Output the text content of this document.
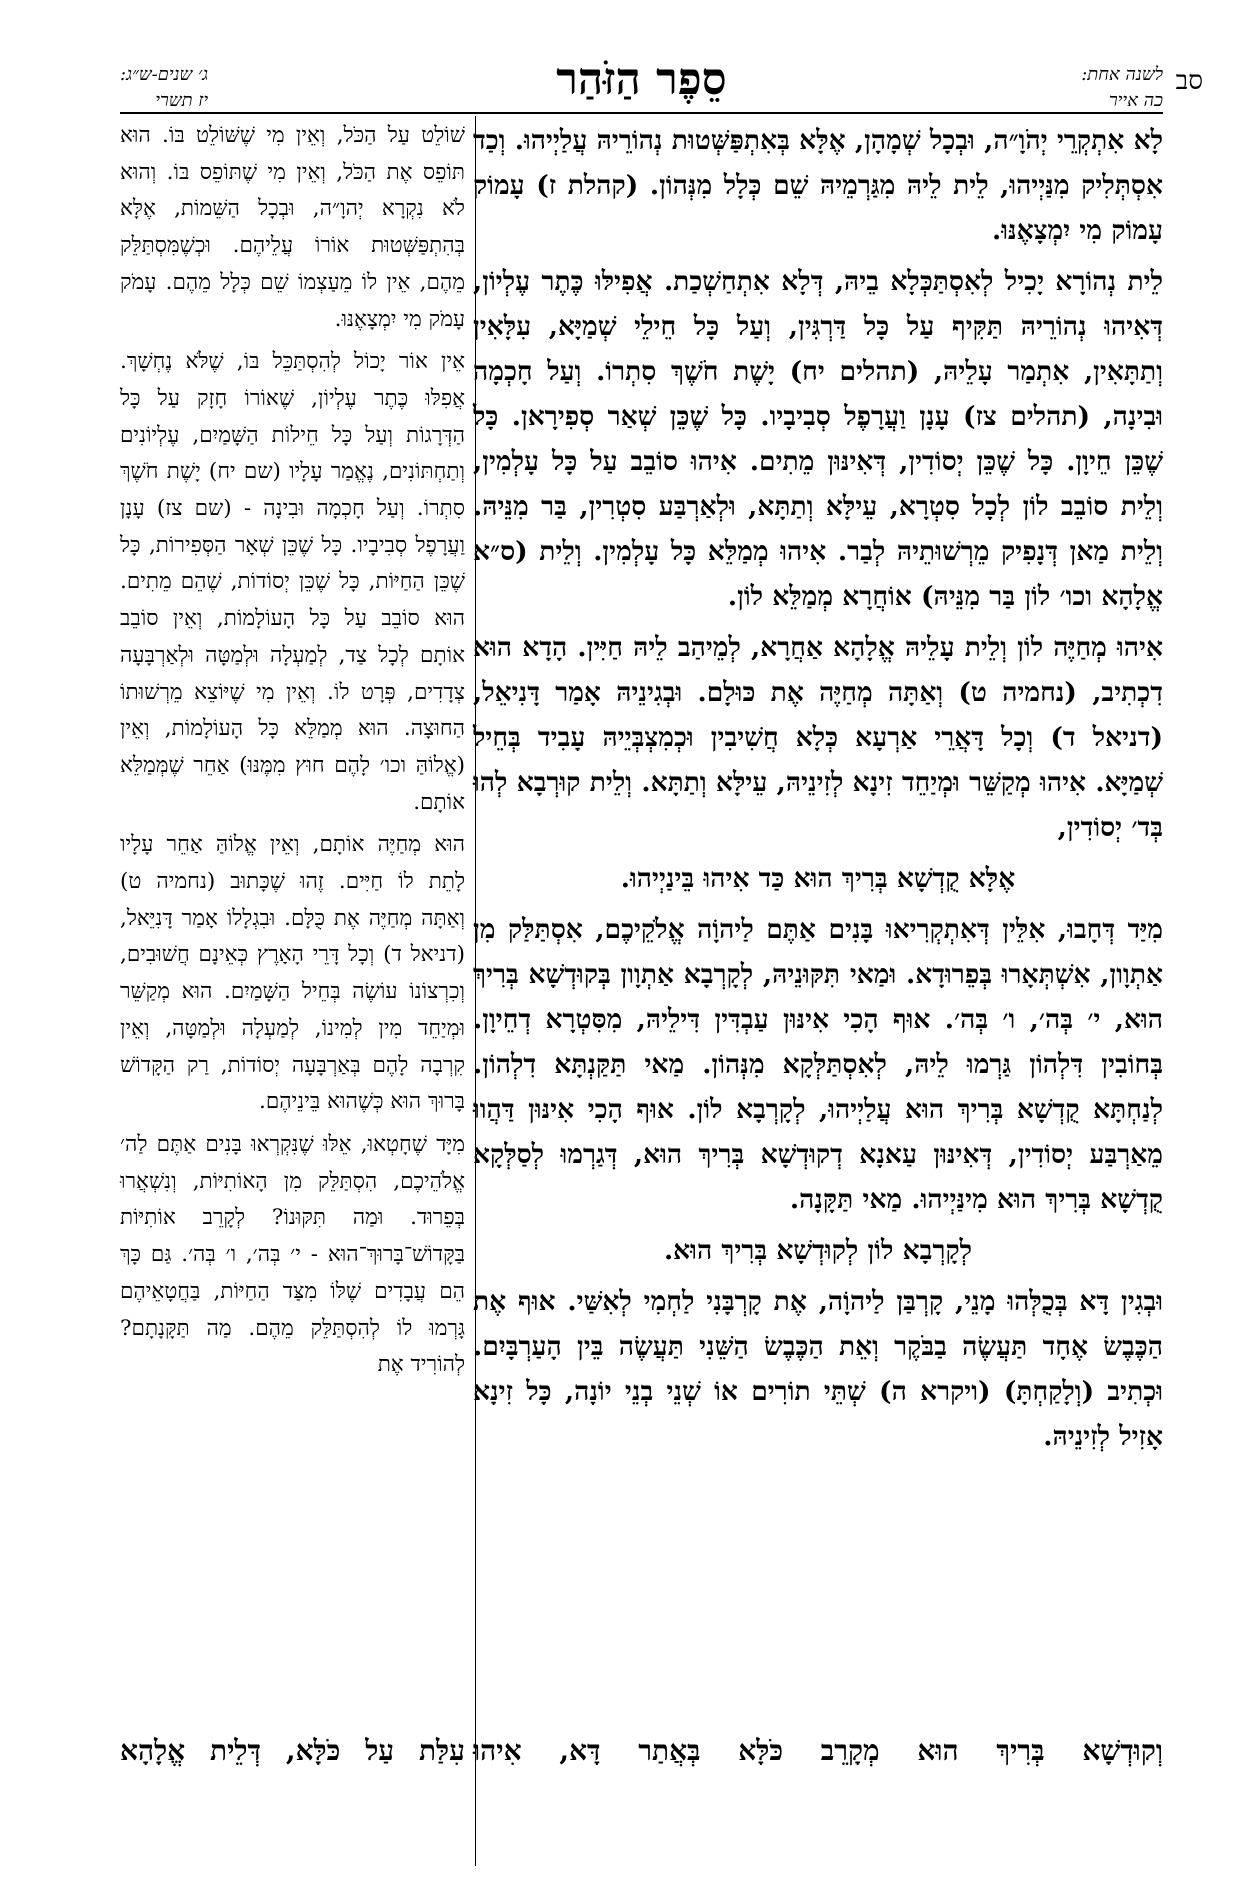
סב
לשנה אחת:
כה אייר
סֵפֶר הַזֹּהַר
ג׳ שנים-ש״ג:
יז תשרי

לָא אִתְקְרֵי יְהֹוָ״ה, וּבְכָל שְׁמָהָן, אֶלָּא בְּאִתְפַּשְּׁטוּת נְהוֹרֵיהּ עֲלַיְיהוּ. וְכַד אִסְתְּלִיק מִנַּיְיהוּ, לֵית לֵיהּ מִגַּרְמֵיהּ שֵׁם כְּלָל מִנְּהוֹן. (קהלת ז) עָמוֹק עָמוֹק מִי יִמְצָאֶנּוּ.

לֵית נְהוֹרָא יָכִיל לְאִסְתַּכְּלָא בֵיהּ, דְּלָא אִתְחַשְׁכַת. אֲפִילּוּ כֶּתֶר עֶלְיוֹן, דְּאִיהוּ נְהוֹרֵיהּ תַּקִּיף עַל כָּל דַּרְגִּין, וְעַל כָּל חֵילֵי שְׁמַיָּא, עִלָּאִין וְתַתָּאִין, אִתְמַר עָלֵיהּ, (תהלים יח) יָשֶׁת חֹשֶׁךְ סִתְרוֹ. וְעַל חָכְמָה וּבִינָה, (תהלים צז) עָנָן וַעֲרָפֶל סְבִיבָיו. כָּל שֶׁכֵּן שְׁאַר סְפִירָאן. כָּל שֶׁכֵּן חֵיוָן. כָּל שֶׁכֵּן יְסוֹדִין, דְּאִינּוּן מֵתִים. אִיהוּ סוֹבֵב עַל כָּל עָלְמִין, וְלֵית סוֹבֵב לוֹן לְכָל סִטְרָא, עֵילָּא וְתַתָּא, וּלְאַרְבַּע סִטְרִין, בַּר מִנֵּיהּ. וְלֵית מַאן דְּנָפִיק מֵרְשׁוּתֵיהּ לְבַר. אִיהוּ מְמַלֵּא כָּל עָלְמִין. וְלֵית (ס״א אֱלָהָא וכו׳ לוֹן בַּר מִנֵּיהּ) אוֹחֲרָא מְמַלֵּא לוֹן.

אִיהוּ מְחַיֶּה לוֹן וְלֵית עָלֵיהּ אֱלָהָא אַחֲרָא, לְמֵיהַב לֵיהּ חַיִּין. הָדָא הוּא דִכְתִיב, (נחמיה ט) וְאַתָּה מְחַיֶּה אֶת כּוּלָם. וּבְגִינֵיהּ אָמַר דָּנִיאֵל, (דניאל ד) וְכָל דָּאֲרֵי אַרְעָא כְּלָא חֲשִׁיבִין וּכְמִצְבְּיֵיהּ עָבִיד בְּחֵיל שְׁמַיָּא. אִיהוּ מְקַשֵּׁר וּמְיַחֵד זִינָא לְזִינֵיהּ, עֵילָּא וְתַתָּא. וְלֵית קוּרְבָא לְהוּ בְּד׳ יְסוֹדִין,

אֶלָּא קֻדְשָׁא בְּרִיךְ הוּא כַּד אִיהוּ בֵּינַיְיהוּ.

מִיַּד דְּחָבוּ, אִלֵּין דְּאִתְקְרִיאוּ בָּנִים אַתֶּם לַיהוָֹה אֱלֹקֵיכֶם, אִסְתַּלַּק מִן אַתְוָון, אִשְׁתְּאָרוּ בְּפֵרוּדָא. וּמַאי תִּקּוּנֵיהּ, לְקָרְבָא אַתְוָון בְּקוּדְשָׁא בְּרִיךְ הוּא, י׳ בְּה׳, ו׳ בְּה׳. אוּף הָכִי אִינּוּן עַבְדִּין דִּילֵיהּ, מִסִּטְרָא דְחֵיוָן. בְּחוֹבִין דִּלְהוֹן גַּרְמוּ לֵיהּ, לְאִסְתַּלְּקָא מִנְּהוֹן. מַאי תַּקַּנְתָּא דִלְהוֹן. לְנַחְתָּא קֻדְשָׁא בְּרִיךְ הוּא עֲלַיְיהוּ, לְקָרְבָא לוֹן. אוּף הָכִי אִינּוּן דַּהֲווּ מֵאַרְבַּע יְסוֹדִין, דְּאִינּוּן עַאנָא דְקוּדְשָׁא בְּרִיךְ הוּא, דְּגַרְמוּ לְסַלְּקָא קֻדְשָׁא בְּרִיךְ הוּא מִינַּיְיהוּ. מַאי תַּקָּנָה.

לְקָרְבָא לוֹן לְקוּדְשָׁא בְּרִיךְ הוּא.

וּבְגִין דָּא בְּכֻלְּהוּ מָנֵי, קָרְבַּן לַיהוָֹה, אֶת קָרְבָּנִי לַחְמִי לְאִשַּׁי. אוּף אֶת הַכֶּבֶשׂ אֶחָד תַּעֲשֶׂה בַבֹּקֶר וְאֵת הַכֶּבֶשׂ הַשֵּׁנִי תַּעֲשֶׂה בֵּין הָעַרְבָּיִם. וּכְתִיב (וְלָקַחְתָּ) (ויקרא ה) שְׁתֵּי תוֹרִים אוֹ שְׁנֵי בְנֵי יוֹנָה, כָּל זִינָא אָזִיל לְזִינֵיהּ.

שׁוֹלֵט עַל הַכֹּל, וְאֵין מִי שֶׁשּׁוֹלֵט בּוֹ. הוּא תּוֹפֵס אֶת הַכֹּל, וְאֵין מִי שֶׁתּוֹפֵס בּוֹ. וְהוּא לֹא נִקְרָא יְהוָ״ה, וּבְכָל הַשֵּׁמוֹת, אֶלָּא בְּהִתְפַּשְּׁטוּת אוֹרוֹ עֲלֵיהֶם. וּכְשֶׁמִּסְתַּלֵּק מֵהֶם, אֵין לוֹ מֵעַצְמוֹ שֵׁם כְּלָל מֵהֶם. עָמֹק עָמֹק מִי יִמְצָאֶנּוּ.

אֵין אוֹר יָכוֹל לְהִסְתַּכֵּל בּוֹ, שֶׁלֹּא נֶחְשָׁךְ. אֲפִלּוּ כֶּתֶר עֶלְיוֹן, שֶׁאוֹרוֹ חָזָק עַל כָּל הַדְּרָגוֹת וְעַל כָּל חֵילוֹת הַשָּׁמַיִם, עֶלְיוֹנִים וְתַחְתּוֹנִים, נֶאֱמַר עָלָיו (שם יח) יָשֶׁת חֹשֶׁךְ סִתְרוֹ. וְעַל חָכְמָה וּבִינָה - (שם צז) עָנָן וַעֲרָפֶל סְבִיבָיו. כָּל שֶׁכֵּן שְׁאָר הַסְּפִירוֹת, כָּל שֶׁכֵּן הַחַיּוֹת, כָּל שֶׁכֵּן יְסוֹדוֹת, שֶׁהֵם מֵתִים. הוּא סוֹבֵב עַל כָּל הָעוֹלָמוֹת, וְאֵין סוֹבֵב אוֹתָם לְכָל צַד, לְמַעְלָה וּלְמַטָּה וּלְאַרְבָּעָה צְדָדִים, פְּרָט לוֹ. וְאֵין מִי שֶׁיּוֹצֵא מֵרְשׁוּתוֹ הַחוּצָה. הוּא מְמַלֵּא כָּל הָעוֹלָמוֹת, וְאֵין (אֱלוֹהַּ וכו׳ לָהֶם חוּץ מִמֶּנּוּ) אַחֵר שֶׁמְּמַלֵּא אוֹתָם.

הוּא מְחַיֶּה אוֹתָם, וְאֵין אֱלוֹהַּ אַחֵר עָלָיו לָתֵת לוֹ חַיִּים. זֶהוּ שֶׁכָּתוּב (נחמיה ט) וְאַתָּה מְחַיֶּה אֶת כֻּלָּם. וּבִגְלָלוֹ אָמַר דָּנִיֵּאל, (דניאל ד) וְכָל דָּרֵי הָאָרֶץ כְּאֵינָם חֲשׁוּבִים, וְכִרְצוֹנוֹ עוֹשֶׂה בְּחֵיל הַשָּׁמַיִם. הוּא מְקַשֵּׁר וּמְיַחֵד מִין לְמִינוֹ, לְמַעְלָה וּלְמַטָּה, וְאֵין קִרְבָה לָהֶם בְּאַרְבָּעָה יְסוֹדוֹת, רַק הַקָּדוֹשׁ בָּרוּךְ הוּא כְּשֶׁהוּא בֵּינֵיהֶם.

מִיָּד שֶׁחָטְאוּ, אֵלּוּ שֶׁנִּקְרְאוּ בָּנִים אַתֶּם לַה׳ אֱלֹהֵיכֶם, הִסְתַּלֵּק מִן הָאוֹתִיּוֹת, וְנִשְׁאֲרוּ בְּפֵרוּד. וּמַה תִּקּוּנוֹ? לְקָרֵב אוֹתִיּוֹת בַּקָּדוֹשׁ־בָּרוּךְ־הוּא - י׳ בְּה׳, ו׳ בְּה׳. גַּם כָּךְ הֵם עֲבָדִים שֶׁלּוֹ מִצַּד הַחַיּוֹת, בַּחֲטָאֵיהֶם גָּרְמוּ לוֹ לְהִסְתַּלֵּק מֵהֶם. מַה תַּקָּנָתָם? לְהוֹרִיד אֶת

וְקוּדְשָׁא בְּרִיךְ הוּא מְקָרֵב כֹּלָּא בְּאֲתַר דָּא, אִיהוּ
עִלַּת עַל כֹּלָּא, דְּלֵית אֱלָהָא
